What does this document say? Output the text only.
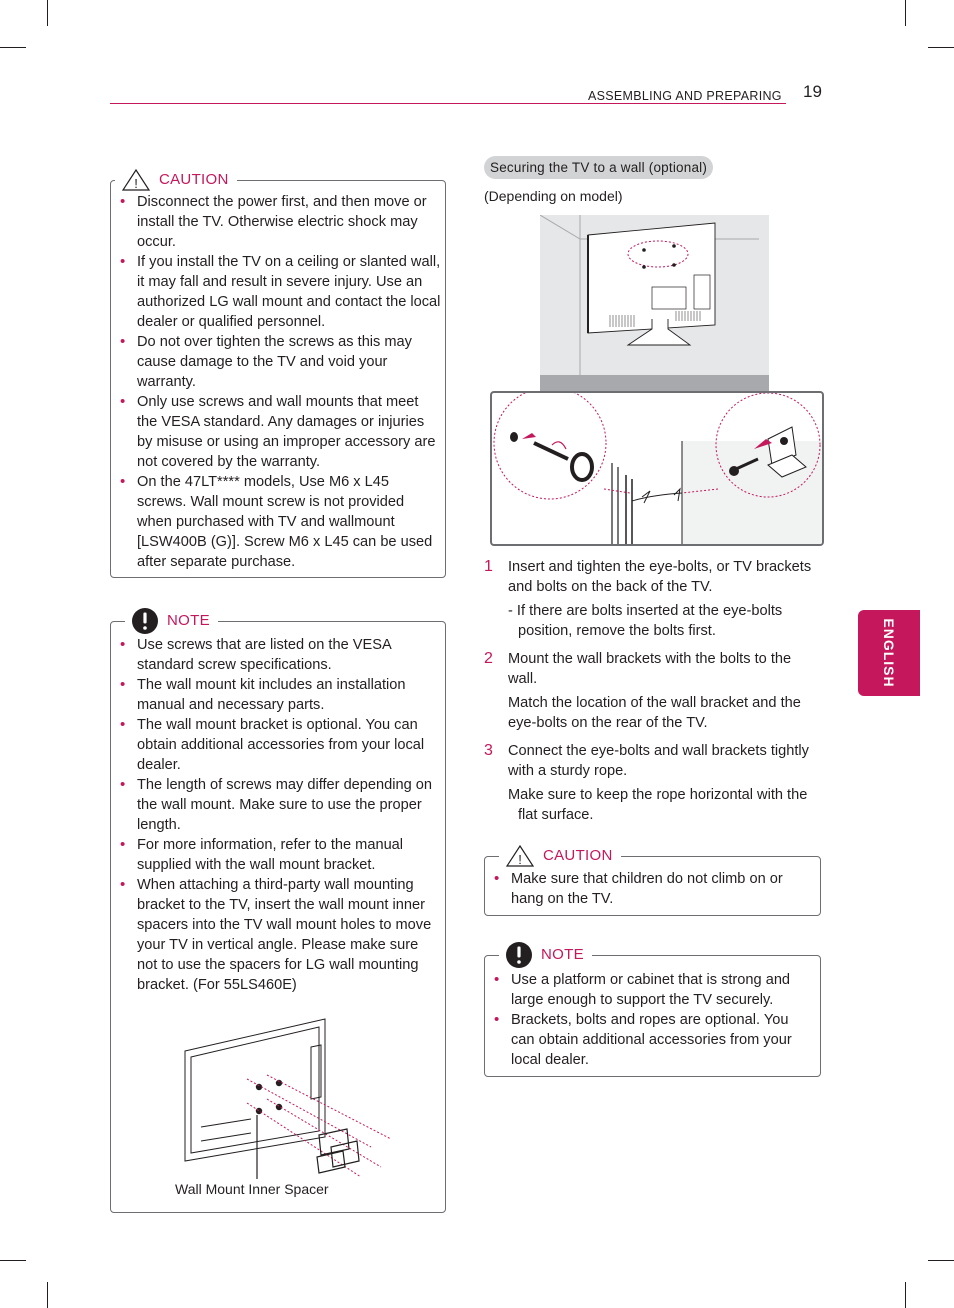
ASSEMBLING AND PREPARING 19
ENGLISH
! CAUTION
• Disconnect the power first, and then move or install the TV. Otherwise electric shock may occur.
• If you install the TV on a ceiling or slanted wall, it may fall and result in severe injury. Use an authorized LG wall mount and contact the local dealer or qualified personnel.
• Do not over tighten the screws as this may cause damage to the TV and void your warranty.
• Only use screws and wall mounts that meet the VESA standard. Any damages or injuries by misuse or using an improper accessory are not covered by the warranty.
• On the 47LT**** models, Use M6 x L45 screws. Wall mount screw is not provided when purchased with TV and wallmount [LSW400B (G)]. Screw M6 x L45 can be used after separate purchase.
NOTE
• Use screws that are listed on the VESA standard screw specifications.
• The wall mount kit includes an installation manual and necessary parts.
• The wall mount bracket is optional. You can obtain additional accessories from your local dealer.
• The length of screws may differ depending on the wall mount. Make sure to use the proper length.
• For more information, refer to the manual supplied with the wall mount bracket.
• When attaching a third-party wall mounting bracket to the TV, insert the wall mount inner spacers into the TV wall mount holes to move your TV in vertical angle. Please make sure not to use the spacers for LG wall mounting bracket. (For 55LS460E)
Wall Mount Inner Spacer
Securing the TV to a wall (optional)
(Depending on model)
1 Insert and tighten the eye-bolts, or TV brackets and bolts on the back of the TV.

- If there are bolts inserted at the eye-bolts position, remove the bolts first.

2 Mount the wall brackets with the bolts to the wall.

Match the location of the wall bracket and the eye-bolts on the rear of the TV.

3 Connect the eye-bolts and wall brackets tightly with a sturdy rope.

Make sure to keep the rope horizontal with the flat surface.

! CAUTION
• Make sure that children do not climb on or hang on the TV.
NOTE
• Use a platform or cabinet that is strong and large enough to support the TV securely.
• Brackets, bolts and ropes are optional. You can obtain additional accessories from your local dealer.
